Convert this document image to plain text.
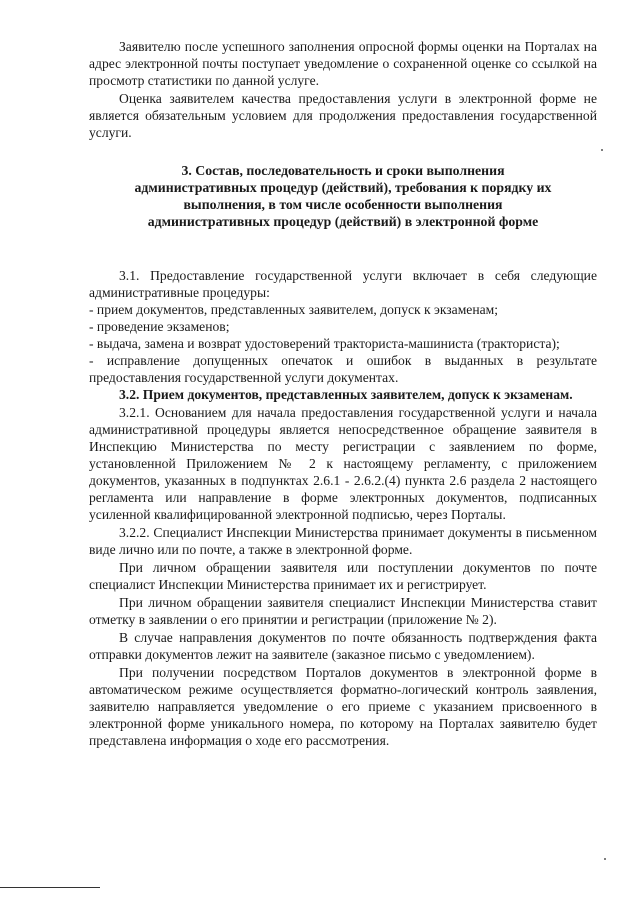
Заявителю после успешного заполнения опросной формы оценки на Порталах на адрес электронной почты поступает уведомление о сохраненной оценке со ссылкой на просмотр статистики по данной услуге.

Оценка заявителем качества предоставления услуги в электронной форме не является обязательным условием для продолжения предоставления государственной услуги.

3. Состав, последовательность и сроки выполнения административных процедур (действий), требования к порядку их выполнения, в том числе особенности выполнения административных процедур (действий) в электронной форме

3.1. Предоставление государственной услуги включает в себя следующие административные процедуры:

- прием документов, представленных заявителем, допуск к экзаменам;

- проведение экзаменов;

- выдача, замена и возврат удостоверений тракториста-машиниста (тракториста);

- исправление допущенных опечаток и ошибок в выданных в результате предоставления государственной услуги документах.

3.2. Прием документов, представленных заявителем, допуск к экзаменам.

3.2.1. Основанием для начала предоставления государственной услуги и начала административной процедуры является непосредственное обращение заявителя в Инспекцию Министерства по месту регистрации с заявлением по форме, установленной Приложением № 2 к настоящему регламенту, с приложением документов, указанных в подпунктах 2.6.1 - 2.6.2.(4) пункта 2.6 раздела 2 настоящего регламента или направление в форме электронных документов, подписанных усиленной квалифицированной электронной подписью, через Порталы.

3.2.2. Специалист Инспекции Министерства принимает документы в письменном виде лично или по почте, а также в электронной форме.

При личном обращении заявителя или поступлении документов по почте специалист Инспекции Министерства принимает их и регистрирует.

При личном обращении заявителя специалист Инспекции Министерства ставит отметку в заявлении о его принятии и регистрации (приложение № 2).

В случае направления документов по почте обязанность подтверждения факта отправки документов лежит на заявителе (заказное письмо с уведомлением).

При получении посредством Порталов документов в электронной форме в автоматическом режиме осуществляется форматно-логический контроль заявления, заявителю направляется уведомление о его приеме с указанием присвоенного в электронной форме уникального номера, по которому на Порталах заявителю будет представлена информация о ходе его рассмотрения.
